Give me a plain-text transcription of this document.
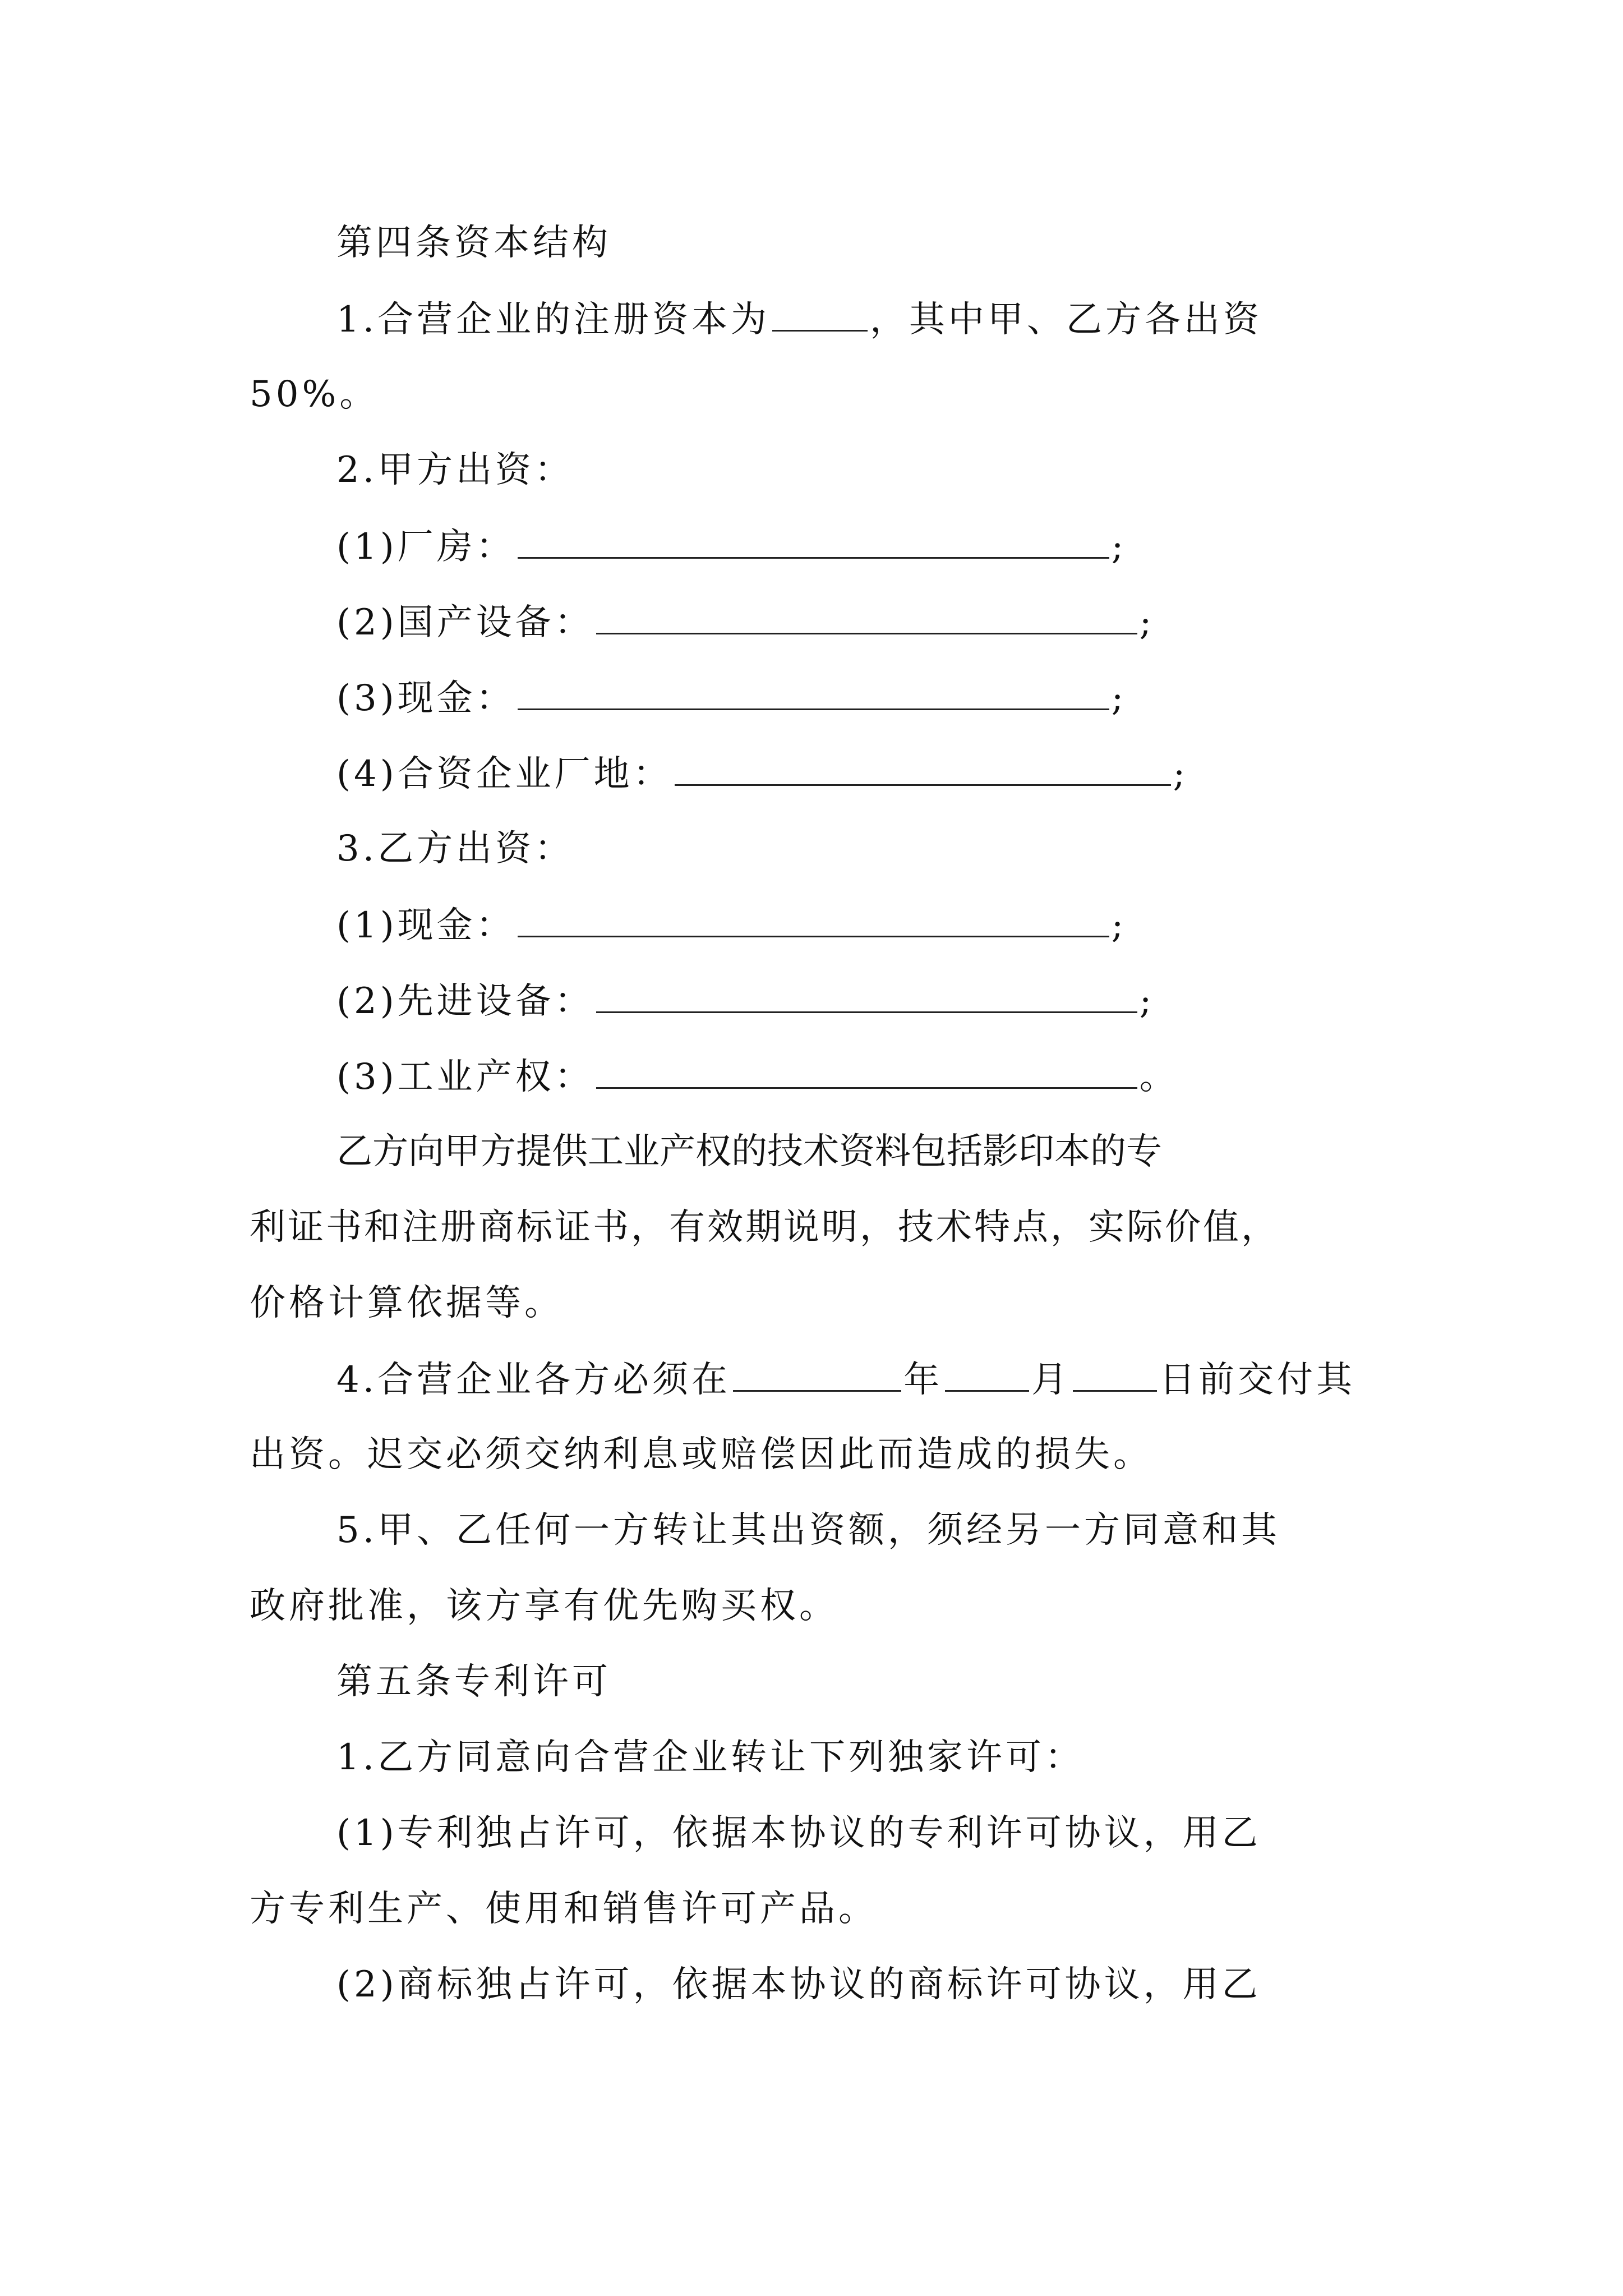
第四条资本结构
1.合营企业的注册资本为	，其中甲、乙方各出资
50%。
2.甲方出资：
(1)厂房：	;
(2)国产设备：	;
(3)现金：	;
(4)合资企业厂地：	;
3.乙方出资：
(1)现金：	;
(2)先进设备：	;
(3)工业产权：	。
乙方向甲方提供工业产权的技术资料包括影印本的专
利证书和注册商标证书，有效期说明，技术特点，实际价值，
价格计算依据等。
4.合营企业各方必须在	年 月 日前交付其
出资。迟交必须交纳利息或赔偿因此而造成的损失。
5.甲、乙任何一方转让其出资额，须经另一方同意和其
政府批准，该方享有优先购买权。
第五条专利许可
1.乙方同意向合营企业转让下列独家许可：
(1)专利独占许可，依据本协议的专利许可协议，用乙
方专利生产、使用和销售许可产品。
(2)商标独占许可，依据本协议的商标许可协议，用乙
